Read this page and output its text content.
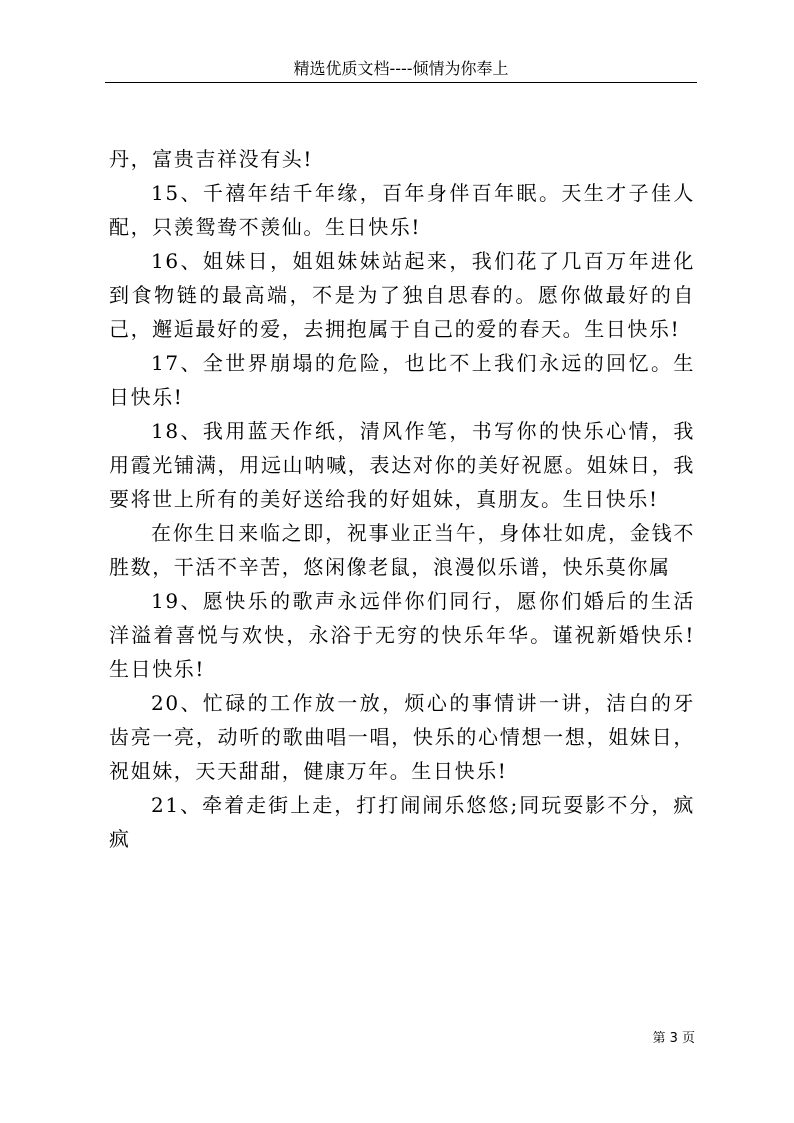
精选优质文档----倾情为你奉上

丹，富贵吉祥没有头!

15、千禧年结千年缘，百年身伴百年眠。天生才子佳人配，只羡鸳鸯不羡仙。生日快乐!

16、姐妹日，姐姐妹妹站起来，我们花了几百万年进化到食物链的最高端，不是为了独自思春的。愿你做最好的自己，邂逅最好的爱，去拥抱属于自己的爱的春天。生日快乐!

17、全世界崩塌的危险，也比不上我们永远的回忆。生日快乐!

18、我用蓝天作纸，清风作笔，书写你的快乐心情，我用霞光铺满，用远山呐喊，表达对你的美好祝愿。姐妹日，我要将世上所有的美好送给我的好姐妹，真朋友。生日快乐!

在你生日来临之即，祝事业正当午，身体壮如虎，金钱不胜数，干活不辛苦，悠闲像老鼠，浪漫似乐谱，快乐莫你属

19、愿快乐的歌声永远伴你们同行，愿你们婚后的生活洋溢着喜悦与欢快，永浴于无穷的快乐年华。谨祝新婚快乐!生日快乐!

20、忙碌的工作放一放，烦心的事情讲一讲，洁白的牙齿亮一亮，动听的歌曲唱一唱，快乐的心情想一想，姐妹日，祝姐妹，天天甜甜，健康万年。生日快乐!

21、牵着走街上走，打打闹闹乐悠悠;同玩耍影不分，疯疯

第 3 页
